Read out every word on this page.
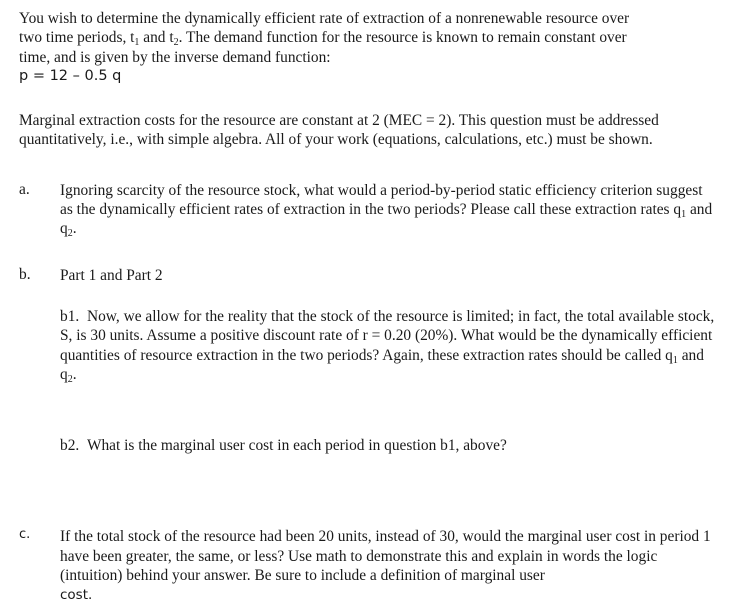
You wish to determine the dynamically efficient rate of extraction of a nonrenewable resource over
two time periods, $t_1$ and $t_2$. The demand function for the resource is known to remain constant over
time, and is given by the inverse demand function:

p = 12 – 0.5 q

Marginal extraction costs for the resource are constant at 2 (MEC = 2). This question must be addressed quantitatively, i.e., with simple algebra. All of your work (equations, calculations, etc.) must be shown.

a.	Ignoring scarcity of the resource stock, what would a period-by-period static efficiency criterion suggest as the dynamically efficient rates of extraction in the two periods? Please call these extraction rates $q_1$ and $q_2$.

b.	Part 1 and Part 2

b1. Now, we allow for the reality that the stock of the resource is limited; in fact, the total available stock, S, is 30 units. Assume a positive discount rate of r = 0.20 (20%). What would be the dynamically efficient quantities of resource extraction in the two periods? Again, these extraction rates should be called $q_1$ and $q_2$.

b2. What is the marginal user cost in each period in question b1, above?

c.	If the total stock of the resource had been 20 units, instead of 30, would the marginal user cost in period 1 have been greater, the same, or less? Use math to demonstrate this and explain in words the logic (intuition) behind your answer. Be sure to include a definition of marginal user
cost.
